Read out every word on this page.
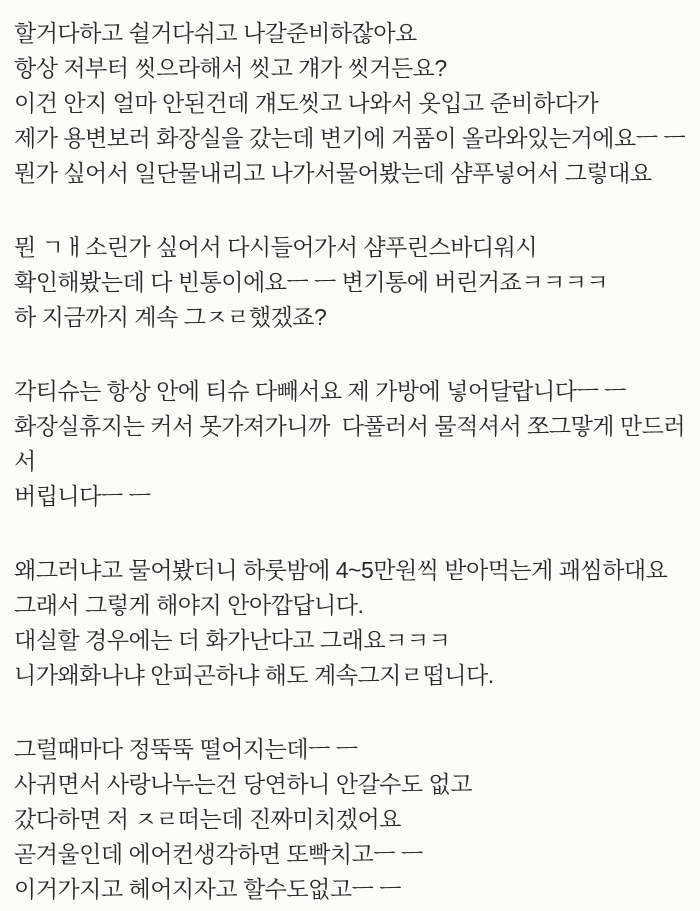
할거다하고 쉴거다쉬고 나갈준비하잖아요
항상 저부터 씻으라해서 씻고 걔가 씻거든요?
이건 안지 얼마 안된건데 걔도씻고 나와서 옷입고 준비하다가
제가 용변보러 화장실을 갔는데 변기에 거품이 올라와있는거에요ㅡ ㅡ
뭔가 싶어서 일단물내리고 나가서물어봤는데 샴푸넣어서 그렇대요
뭔 ㄱㅐ소린가 싶어서 다시들어가서 샴푸린스바디워시
확인해봤는데 다 빈통이에요ㅡ ㅡ 변기통에 버린거죠ㅋㅋㅋㅋ
하 지금까지 계속 그ㅈㄹ했겠죠?
각티슈는 항상 안에 티슈 다빼서요 제 가방에 넣어달랍니다ㅡ ㅡ
화장실휴지는 커서 못가져가니까  다풀러서 물적셔서 쪼그맣게 만드러서
버립니다ㅡ ㅡ
왜그러냐고 물어봤더니 하룻밤에 4~5만원씩 받아먹는게 괘씸하대요
그래서 그렇게 해야지 안아깝답니다.
대실할 경우에는 더 화가난다고 그래요ㅋㅋㅋ
니가왜화나냐 안피곤하냐 해도 계속그지ㄹ떱니다.
그럴때마다 정뚝뚝 떨어지는데ㅡ ㅡ
사귀면서 사랑나누는건 당연하니 안갈수도 없고
갔다하면 저 ㅈㄹ떠는데 진짜미치겠어요
곧겨울인데 에어컨생각하면 또빡치고ㅡ ㅡ
이거가지고 헤어지자고 할수도없고ㅡ ㅡ
